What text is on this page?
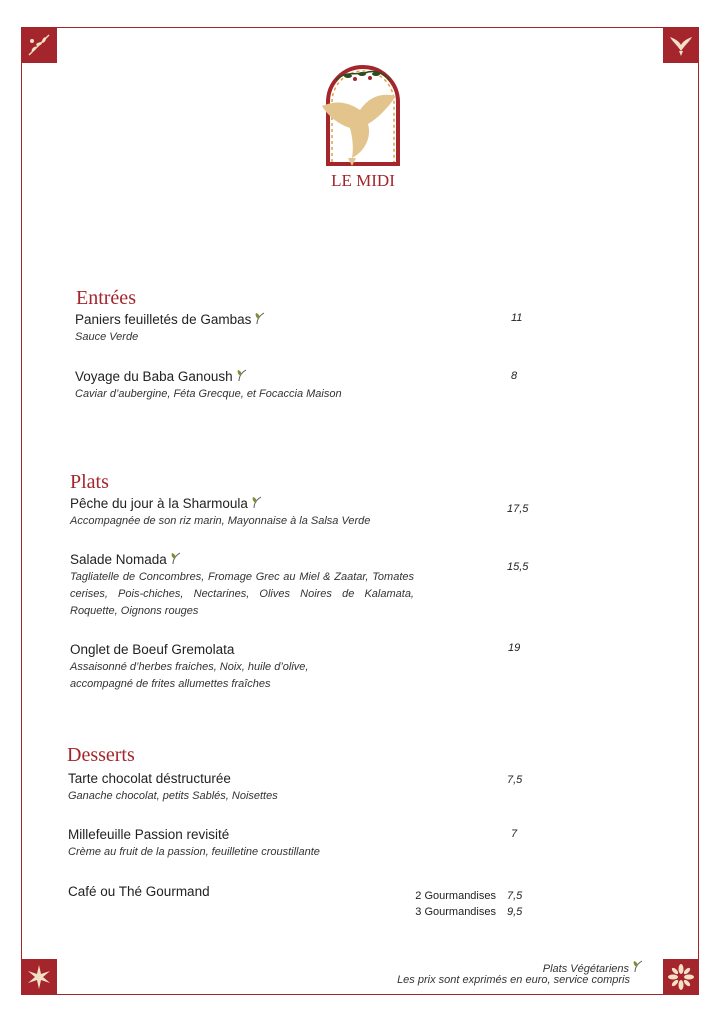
LE MIDI
Entrées
Paniers feuilletés de Gambas
Sauce Verde
11
Voyage du Baba Ganoush
Caviar d’aubergine, Féta Grecque, et Focaccia Maison
8
Plats
Pêche du jour à la Sharmoula
Accompagnée de son riz marin, Mayonnaise à la Salsa Verde
17,5
Salade Nomada
Tagliatelle de Concombres, Fromage Grec au Miel & Zaatar, Tomates cerises, Pois-chiches, Nectarines, Olives Noires de Kalamata, Roquette, Oignons rouges
15,5
Onglet de Boeuf Gremolata
Assaisonné d’herbes fraiches, Noix, huile d’olive, accompagné de frites allumettes fraîches
19
Desserts
Tarte chocolat déstructurée
Ganache chocolat, petits Sablés, Noisettes
7,5
Millefeuille Passion revisité
Crème au fruit de la passion, feuilletine croustillante
7
Café ou Thé Gourmand	2 Gourmandises 7,5
3 Gourmandises 9,5
Plats Végétariens
Les prix sont exprimés en euro, service compris
